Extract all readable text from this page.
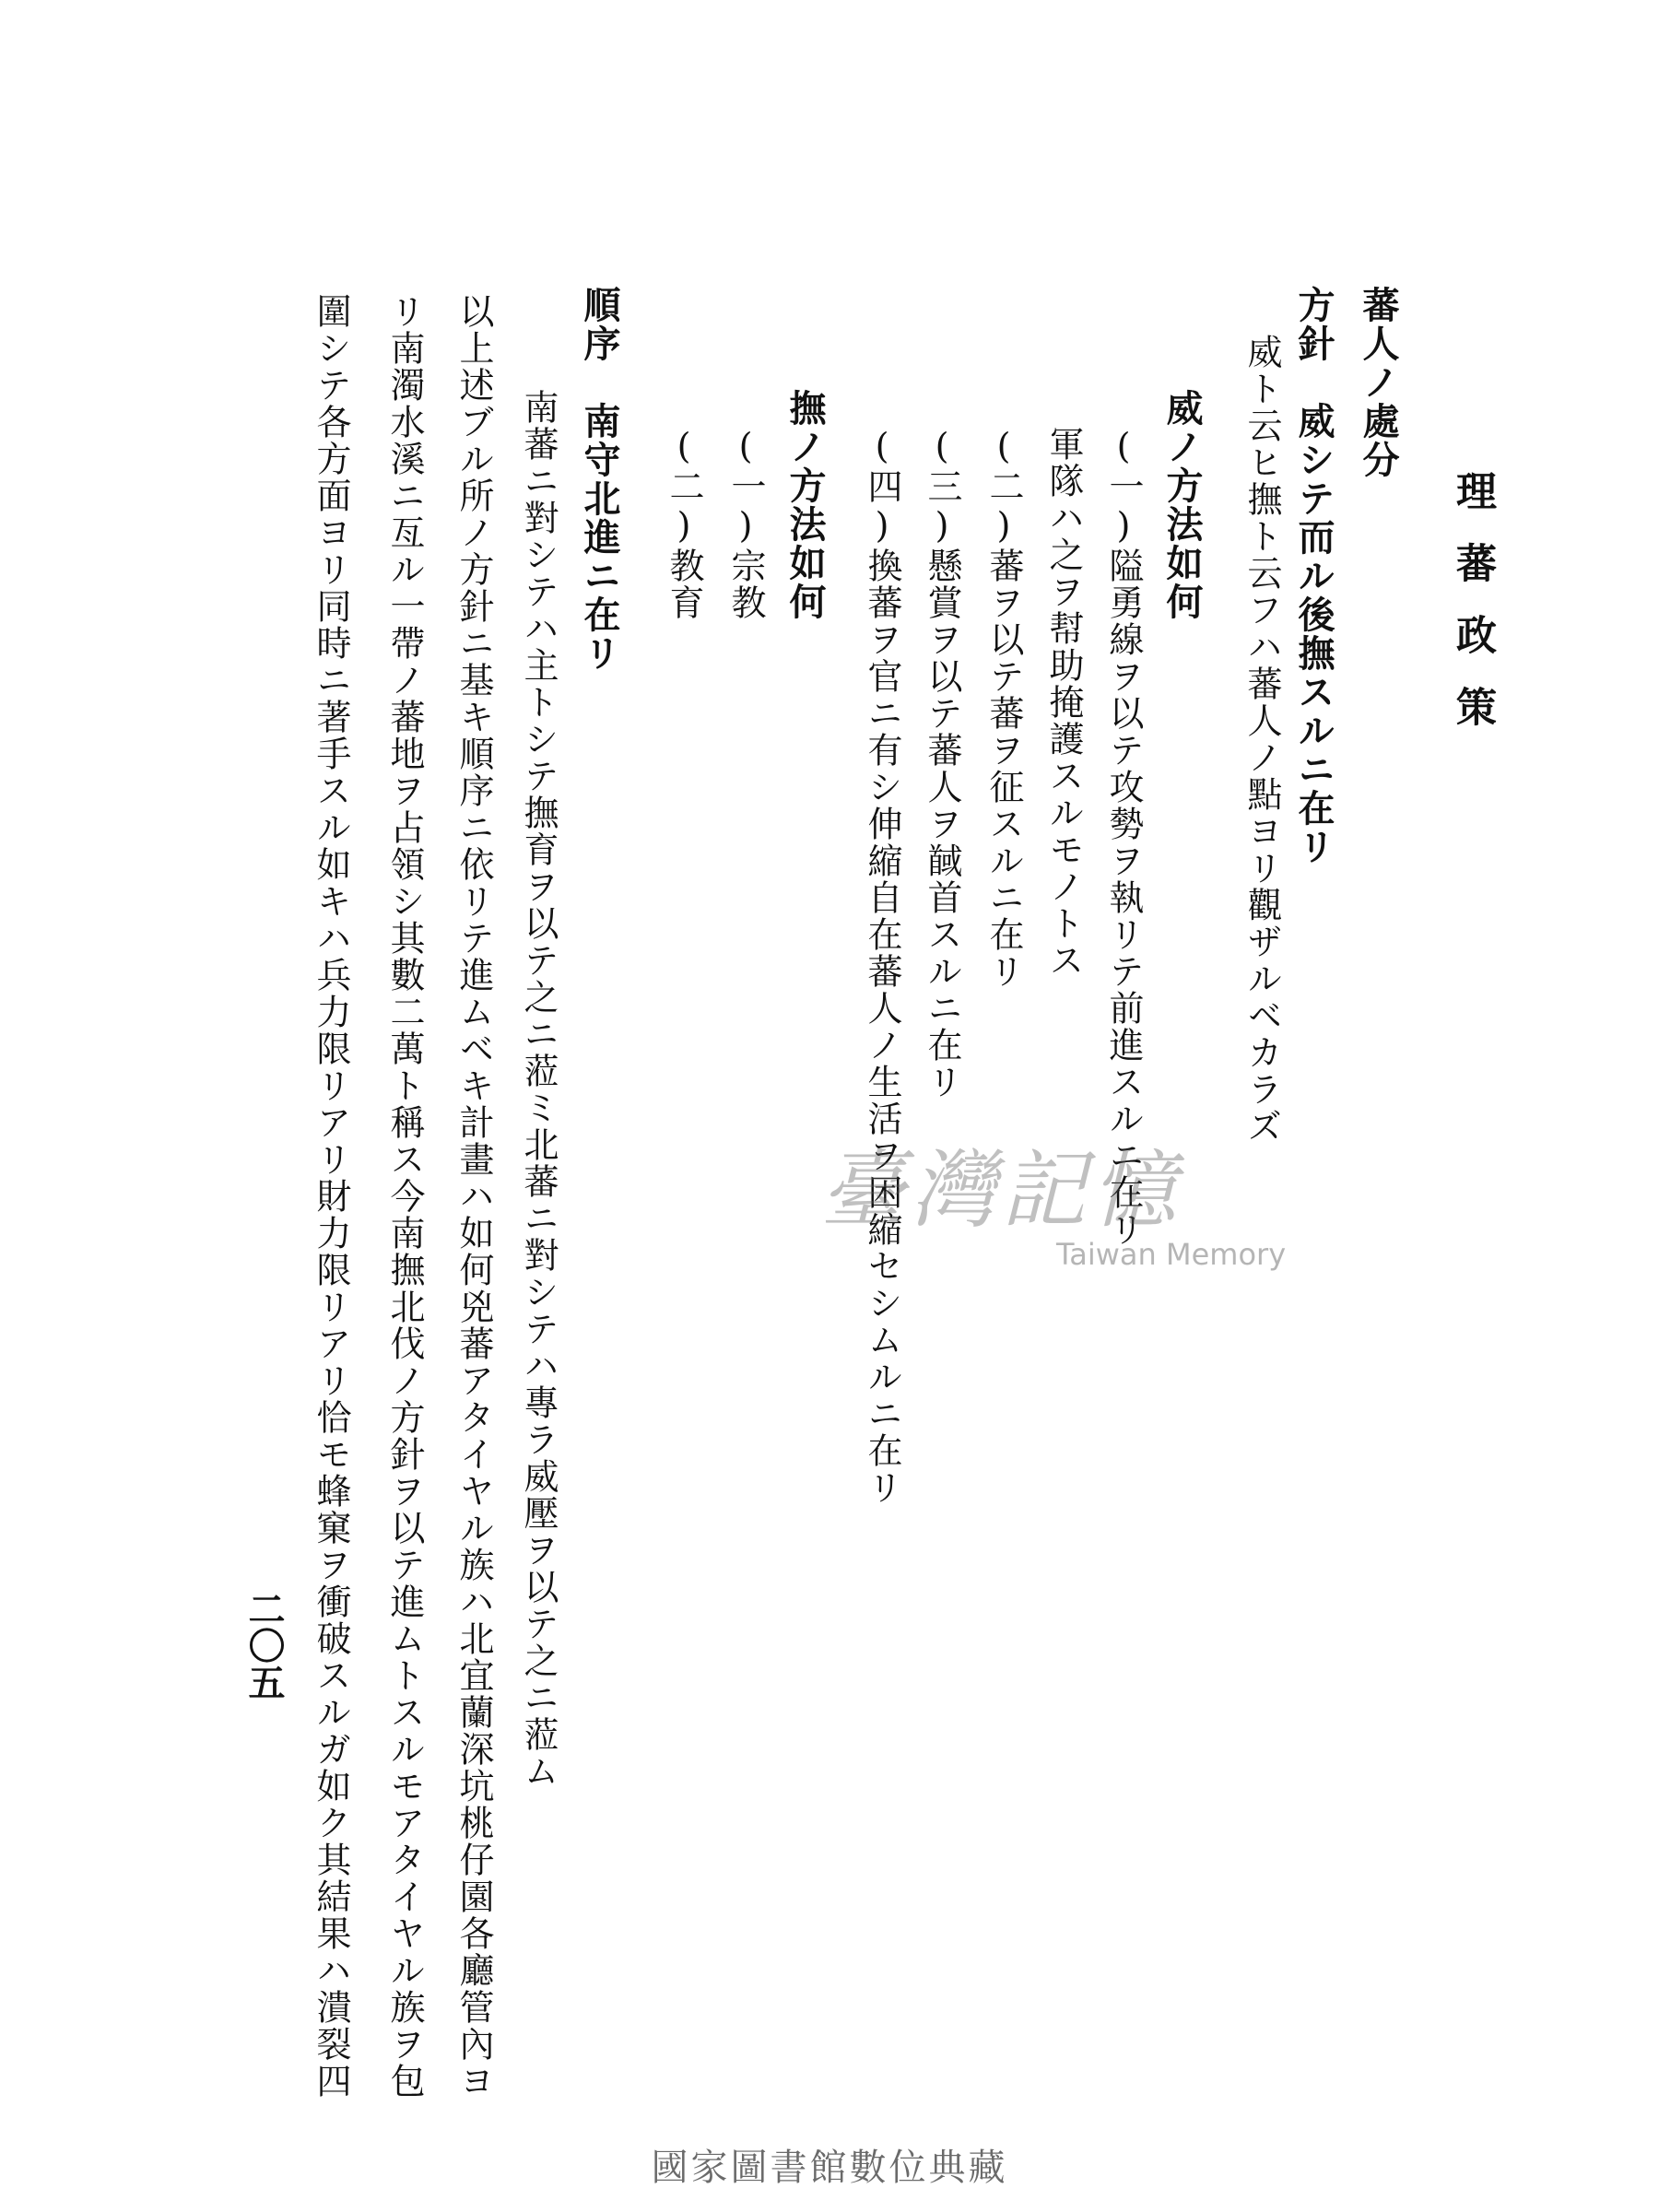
理蕃政策
蕃人ノ處分
方針　威シテ而ル後撫スルニ在リ
威ト云ヒ撫ト云フハ蕃人ノ點ヨリ觀ザルベカラズ
威ノ方法如何
(一)隘勇線ヲ以テ攻勢ヲ執リテ前進スルニ在リ
軍隊ハ之ヲ幇助掩護スルモノトス
(二)蕃ヲ以テ蕃ヲ征スルニ在リ
(三)懸賞ヲ以テ蕃人ヲ馘首スルニ在リ
(四)換蕃ヲ官ニ有シ伸縮自在蕃人ノ生活ヲ困縮セシムルニ在リ
撫ノ方法如何
(一)宗教
(二)教育
順序　南守北進ニ在リ
南蕃ニ對シテハ主トシテ撫育ヲ以テ之ニ蒞ミ北蕃ニ對シテハ專ラ威壓ヲ以テ之ニ蒞ム
以上述ブル所ノ方針ニ基キ順序ニ依リテ進ムベキ計畫ハ如何兇蕃アタイヤル族ハ北宜蘭深坑桃仔園各廳管內ヨ
リ南濁水溪ニ亙ル一帶ノ蕃地ヲ占領シ其數二萬ト稱ス今南撫北伐ノ方針ヲ以テ進ムトスルモアタイヤル族ヲ包
圍シテ各方面ヨリ同時ニ著手スル如キハ兵力限リアリ財力限リアリ恰モ蜂窠ヲ衝破スルガ如ク其結果ハ潰裂四
二〇五
臺灣記憶
Taiwan Memory
國家圖書館數位典藏
